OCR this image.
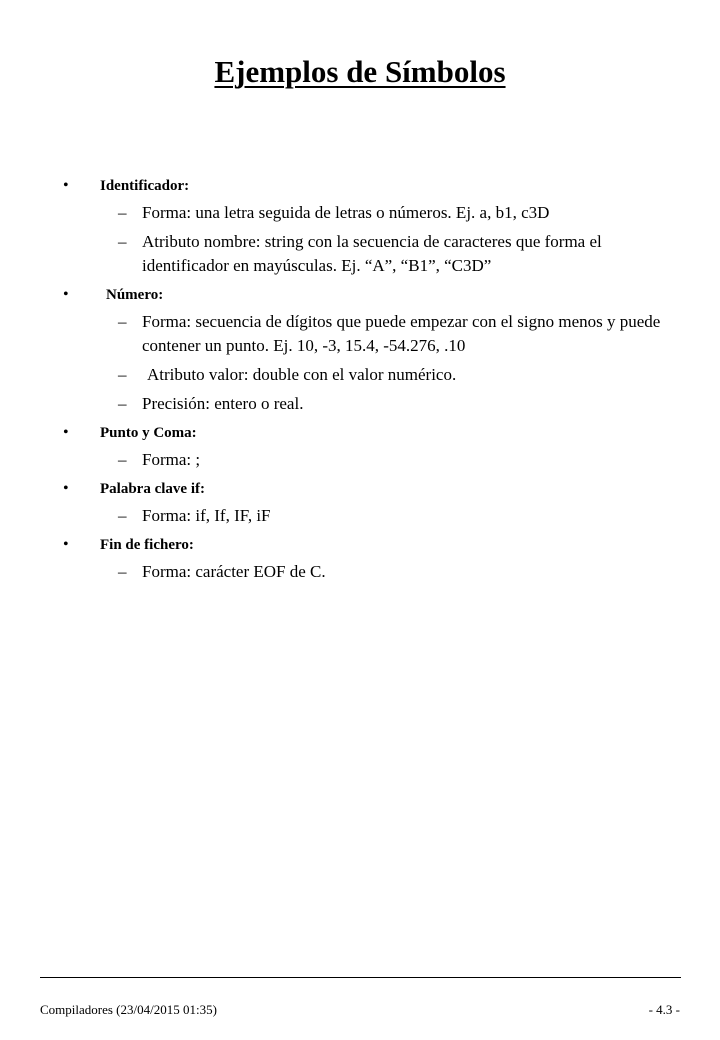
Ejemplos de Símbolos
• Identificador:
– Forma: una letra seguida de letras o números. Ej. a, b1, c3D
– Atributo nombre: string con la secuencia de caracteres que forma el identificador en mayúsculas. Ej. “A”, “B1”, “C3D”
• Número:
– Forma: secuencia de dígitos que puede empezar con el signo menos y puede contener un punto. Ej. 10, -3, 15.4, -54.276, .10
– Atributo valor: double con el valor numérico.
– Precisión: entero o real.
• Punto y Coma:
– Forma: ;
• Palabra clave if:
– Forma: if, If, IF, iF
• Fin de fichero:
– Forma: carácter EOF de C.
Compiladores (23/04/2015 01:35)	- 4.3 -
